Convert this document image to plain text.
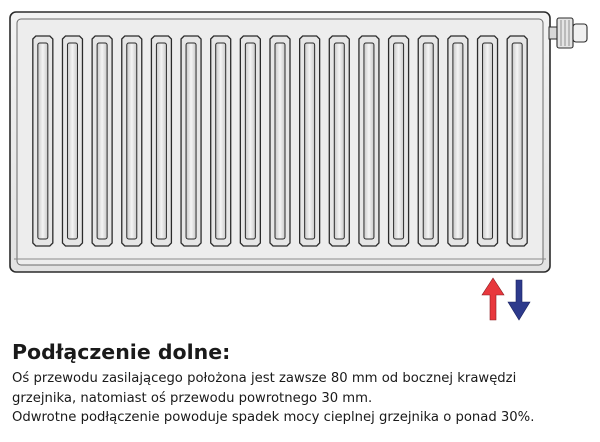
Podłączenie dolne:

Oś przewodu zasilającego położona jest zawsze 80 mm od bocznej krawędzi

grzejnika, natomiast oś przewodu powrotnego 30 mm.

Odwrotne podłączenie powoduje spadek mocy cieplnej grzejnika o ponad 30%.
